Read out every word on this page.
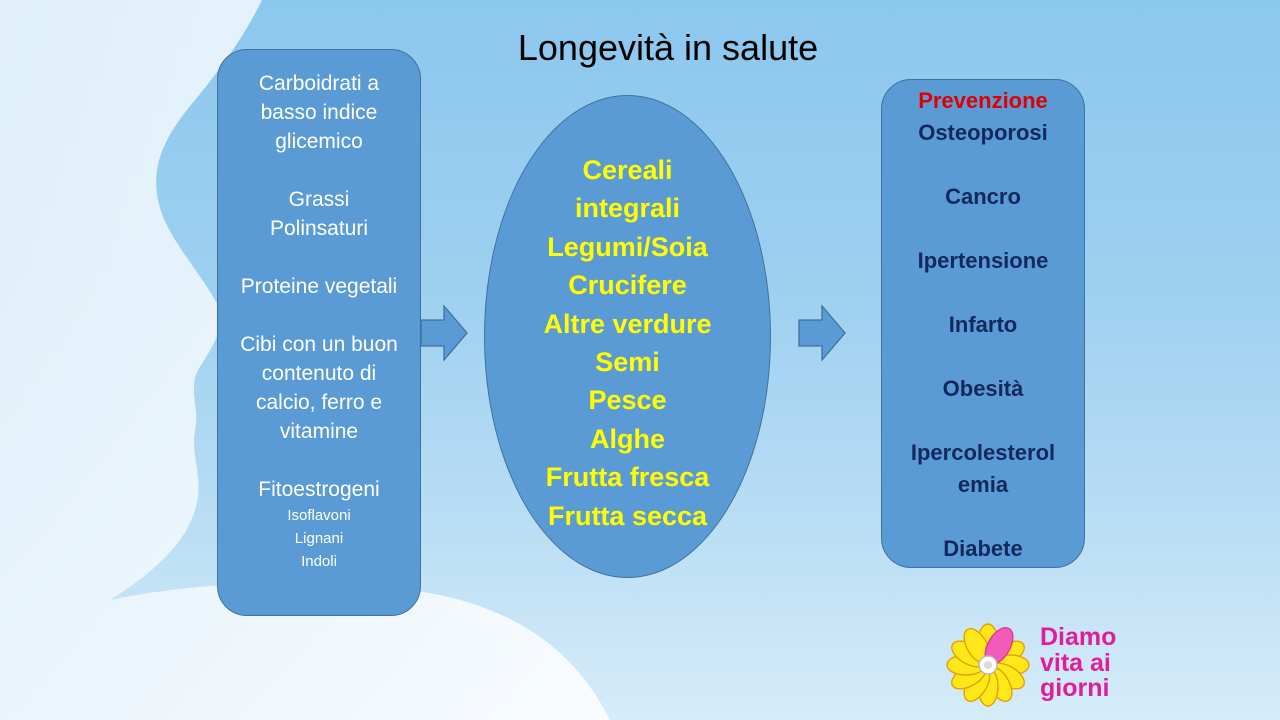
Longevità in salute
Carboidrati a
basso indice
glicemico
Grassi
Polinsaturi
Proteine vegetali
Cibi con un buon
contenuto di
calcio, ferro e
vitamine
Fitoestrogeni
Isoflavoni
Lignani
Indoli
Cereali
integrali
Legumi/Soia
Crucifere
Altre verdure
Semi
Pesce
Alghe
Frutta fresca
Frutta secca
Prevenzione
Osteoporosi
Cancro
Ipertensione
Infarto
Obesità
Ipercolesterol
emia
Diabete
Diamo
vita ai
giorni
